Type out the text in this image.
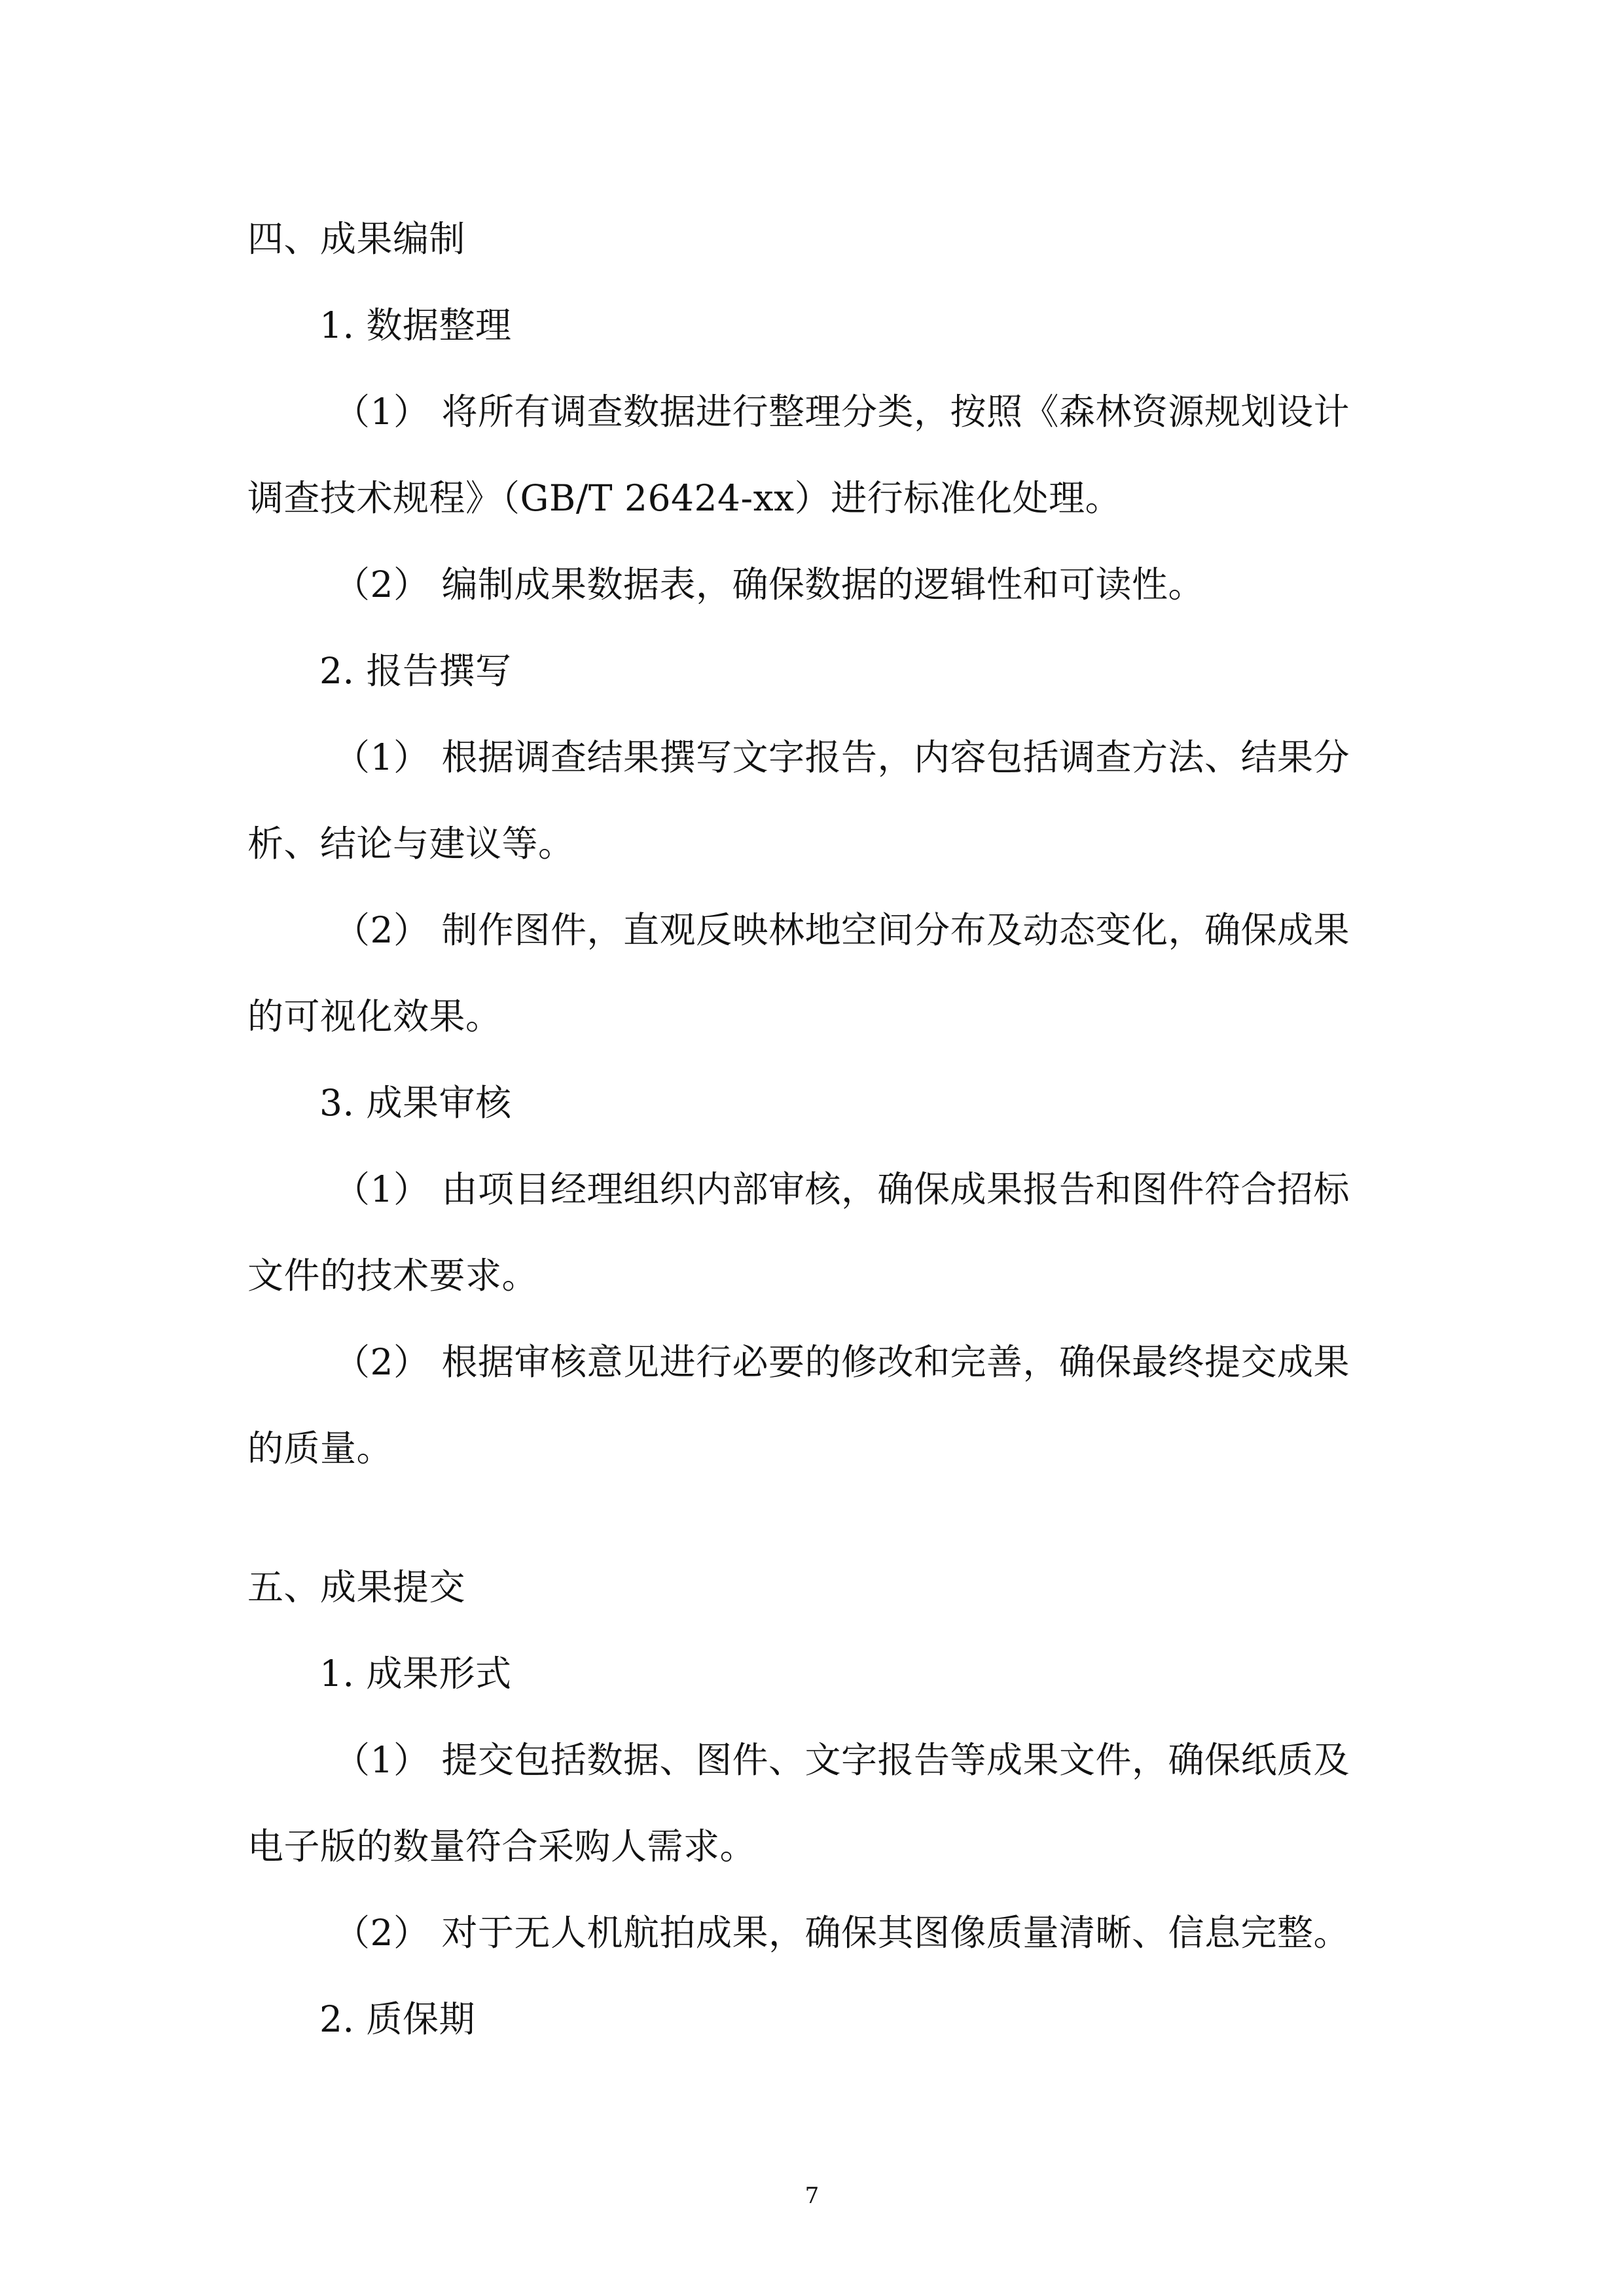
四、成果编制
1. 数据整理
（1） 将所有调查数据进行整理分类，按照《森林资源规划设计
调查技术规程》（GB/T 26424-xx）进行标准化处理。
（2） 编制成果数据表，确保数据的逻辑性和可读性。
2. 报告撰写
（1） 根据调查结果撰写文字报告，内容包括调查方法、结果分
析、结论与建议等。
（2） 制作图件，直观反映林地空间分布及动态变化，确保成果
的可视化效果。
3. 成果审核
（1） 由项目经理组织内部审核，确保成果报告和图件符合招标
文件的技术要求。
（2） 根据审核意见进行必要的修改和完善，确保最终提交成果
的质量。
五、成果提交
1. 成果形式
（1） 提交包括数据、图件、文字报告等成果文件，确保纸质及
电子版的数量符合采购人需求。
（2） 对于无人机航拍成果，确保其图像质量清晰、信息完整。
2. 质保期
7
